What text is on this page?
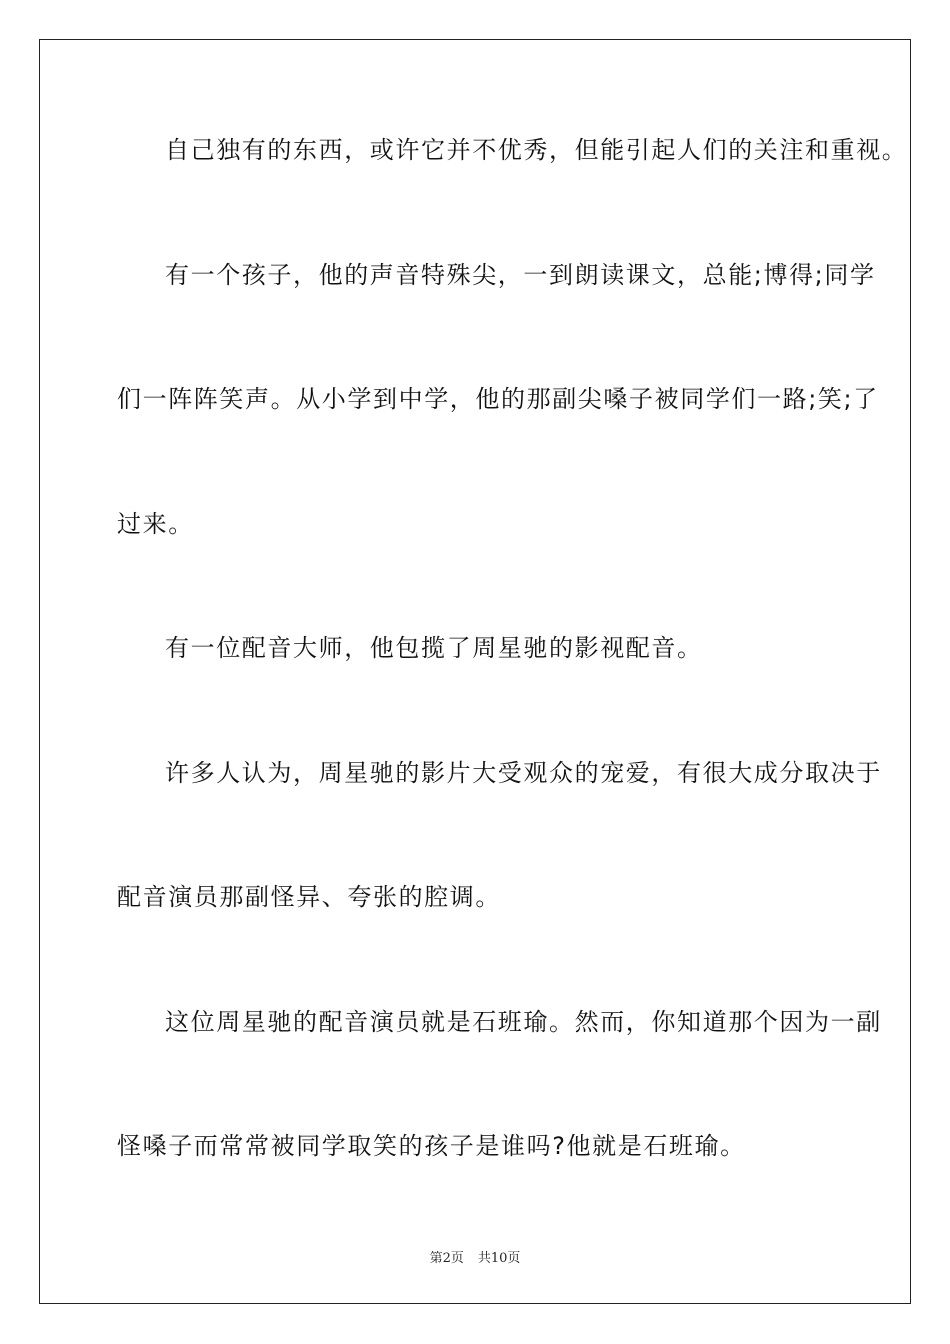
自己独有的东西，或许它并不优秀，但能引起人们的关注和重视。
有一个孩子，他的声音特殊尖，一到朗读课文，总能;博得;同学
们一阵阵笑声。从小学到中学，他的那副尖嗓子被同学们一路;笑;了
过来。
有一位配音大师，他包揽了周星驰的影视配音。
许多人认为，周星驰的影片大受观众的宠爱，有很大成分取决于
配音演员那副怪异、夸张的腔调。
这位周星驰的配音演员就是石班瑜。然而，你知道那个因为一副
怪嗓子而常常被同学取笑的孩子是谁吗?他就是石班瑜。
第2页 共10页
